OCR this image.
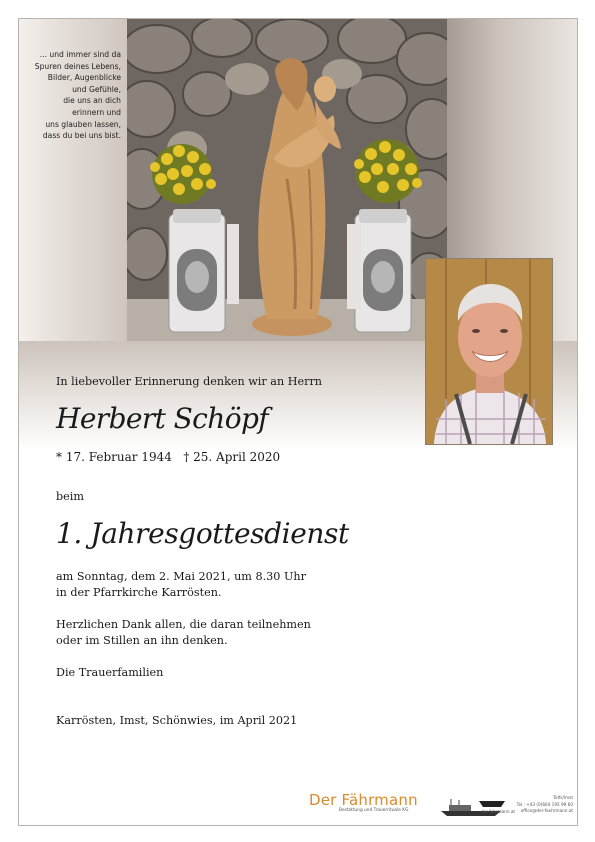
... und immer sind da
Spuren deines Lebens,
Bilder, Augenblicke
und Gefühle,
die uns an dich
erinnern und
uns glauben lassen,
dass du bei uns bist.
In liebevoller Erinnerung denken wir an Herrn
Herbert Schöpf
* 17. Februar 1944   † 25. April 2020
beim
1. Jahresgottesdienst
am Sonntag, dem 2. Mai 2021, um 8.30 Uhr
in der Pfarrkirche Karrösten.
Herzlichen Dank allen, die daran teilnehmen
oder im Stillen an ihn denken.
Die Trauerfamilien
Karrösten, Imst, Schönwies, im April 2021
Der Fährmann
Bestattung und Trauerrituale KG	der-fahrmann.at
Telfs/Imst
Tel.: +43 (0)664 195 99 60
office@der-faehrmann.at
